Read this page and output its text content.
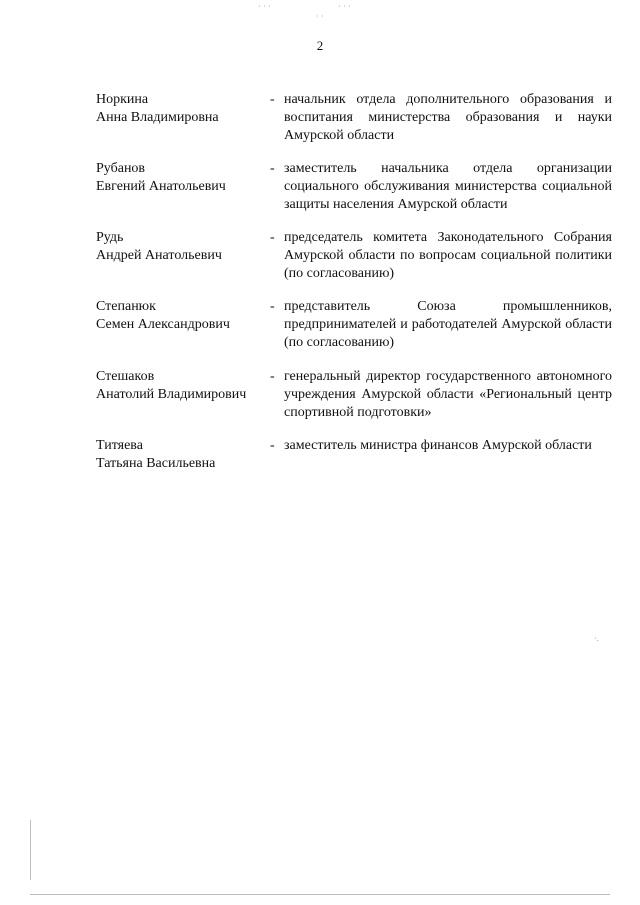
· · ·	· · ·
· ·
·.
2
Норкина
Анна Владимировна
- начальник отдела дополнительного образования и воспитания министерства образования и науки Амурской области
Рубанов
Евгений Анатольевич
- заместитель начальника отдела организации социального обслуживания министерства социальной защиты населения Амурской области
Рудь
Андрей Анатольевич
- председатель комитета Законодательного Собрания Амурской области по вопросам социальной политики (по согласованию)
Степанюк
Семен Александрович
- представитель Союза промышленников, предпринимателей и работодателей Амурской области (по согласованию)
Стешаков
Анатолий Владимирович
- генеральный директор государственного автономного учреждения Амурской области «Региональный центр спортивной подготовки»
Титяева
Татьяна Васильевна
- заместитель министра финансов Амурской области
